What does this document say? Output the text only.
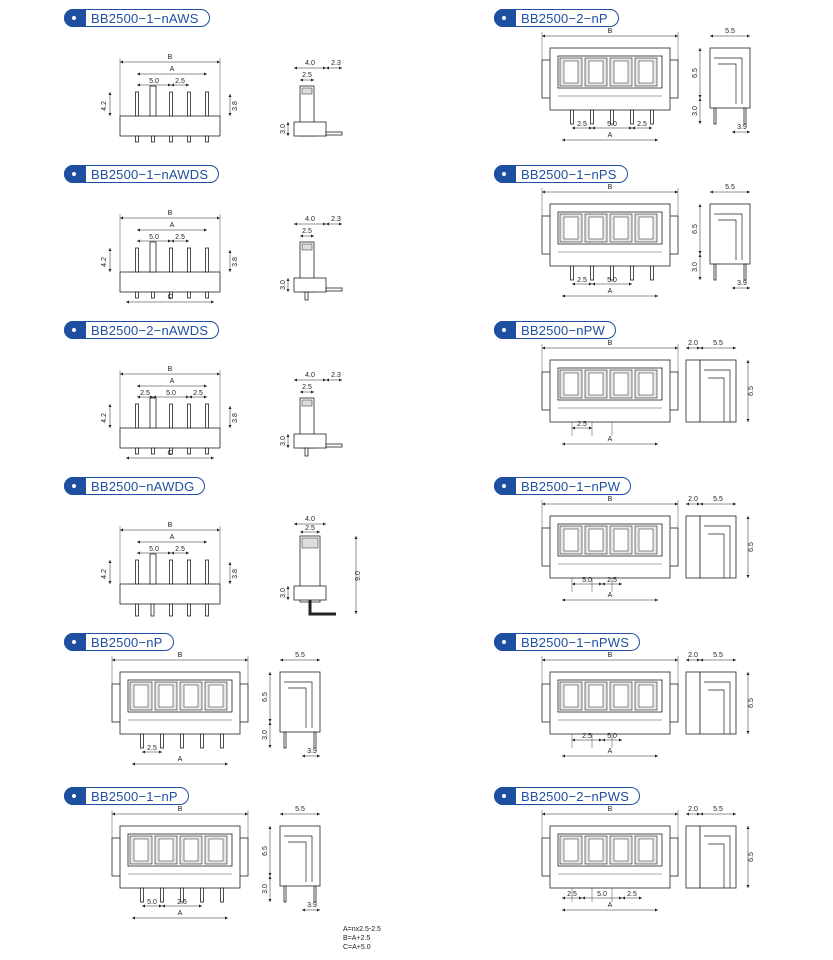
BB2500−1−nAWS
B
A
5.0 2.5
4.2	3.8
4.0 2.3
2.5
3.0
BB2500−2−nP
B
A
2.5	5.0	2.5
5.5
6.5
3.0
3.9
BB2500−1−nAWDS
B
A
5.0 2.5
4.2	3.8
C
4.0 2.3
2.5
3.0
BB2500−1−nPS
B
A
2.5	5.0
5.5
6.5
3.0
3.9
BB2500−2−nAWDS
B
A
2.5 5.0 2.5
4.2	3.8
C
4.0 2.3
2.5
3.0
BB2500−nPW
B
A
2.5
2.0 5.5
6.5
BB2500−nAWDG
B
A
5.0 2.5
4.2	3.8
4.0
2.5
3.0
9.0
BB2500−1−nPW
B
A
5.0 2.5
2.0 5.5
6.5
BB2500−nP
B
A
2.5
5.5
6.5
3.0
3.9
BB2500−1−nPWS
B
A
2.5 5.0
2.0 5.5
6.5
BB2500−1−nP
B
A
5.0	2.5
5.5
6.5
3.0
3.9
BB2500−2−nPWS
B
A
2.5	5.0	2.5
2.0 5.5
6.5
A=nx2.5-2.5
B=A+2.5
C=A+5.0
